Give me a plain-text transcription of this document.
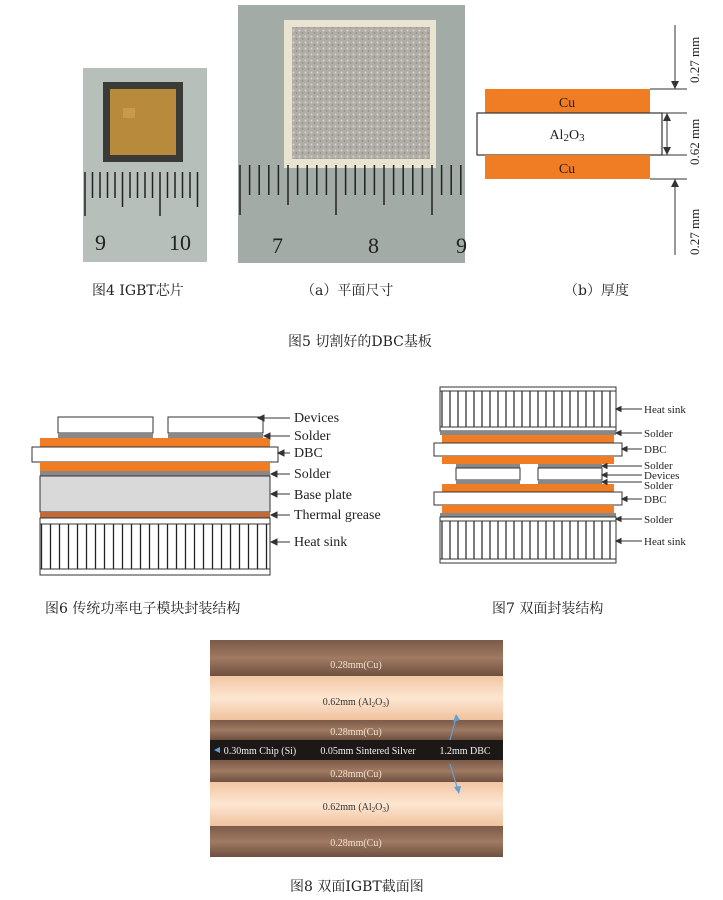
9	10
图4 IGBT芯片
7	8	9
（a）平面尺寸
Cu
Al2O3
Cu
0.27 mm
0.62 mm
0.27 mm
（b）厚度
图5 切割好的DBC基板
Devices
Solder
DBC
Solder
Base plate
Thermal grease
Heat sink
图6 传统功率电子模块封装结构
Heat sink
Solder
DBC
Solder
Devices
Solder
DBC
Solder
Heat sink
图7 双面封装结构
0.28mm(Cu)
0.62mm $(Al_2O_3)$
0.28mm(Cu)
0.30mm Chip (Si) 0.05mm Sintered Silver 1.2mm DBC
0.28mm(Cu)
0.62mm $(Al_2O_3)$
0.28mm(Cu)
图8 双面IGBT截面图
